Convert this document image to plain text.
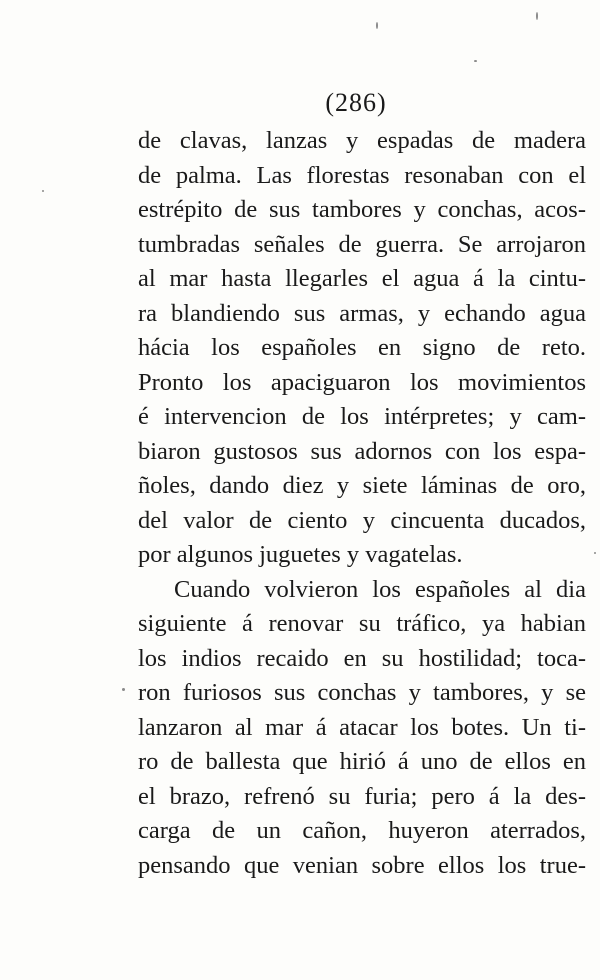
(286)
de clavas, lanzas y espadas de madera
de palma. Las florestas resonaban con el
estrépito de sus tambores y conchas, acos-
tumbradas señales de guerra. Se arrojaron
al mar hasta llegarles el agua á la cintu-
ra blandiendo sus armas, y echando agua
hácia los españoles en signo de reto.
Pronto los apaciguaron los movimientos
é intervencion de los intérpretes; y cam-
biaron gustosos sus adornos con los espa-
ñoles, dando diez y siete láminas de oro,
del valor de ciento y cincuenta ducados,
por algunos juguetes y vagatelas.
Cuando volvieron los españoles al dia
siguiente á renovar su tráfico, ya habian
los indios recaido en su hostilidad; toca-
ron furiosos sus conchas y tambores, y se
lanzaron al mar á atacar los botes. Un ti-
ro de ballesta que hirió á uno de ellos en
el brazo, refrenó su furia; pero á la des-
carga de un cañon, huyeron aterrados,
pensando que venian sobre ellos los true-
